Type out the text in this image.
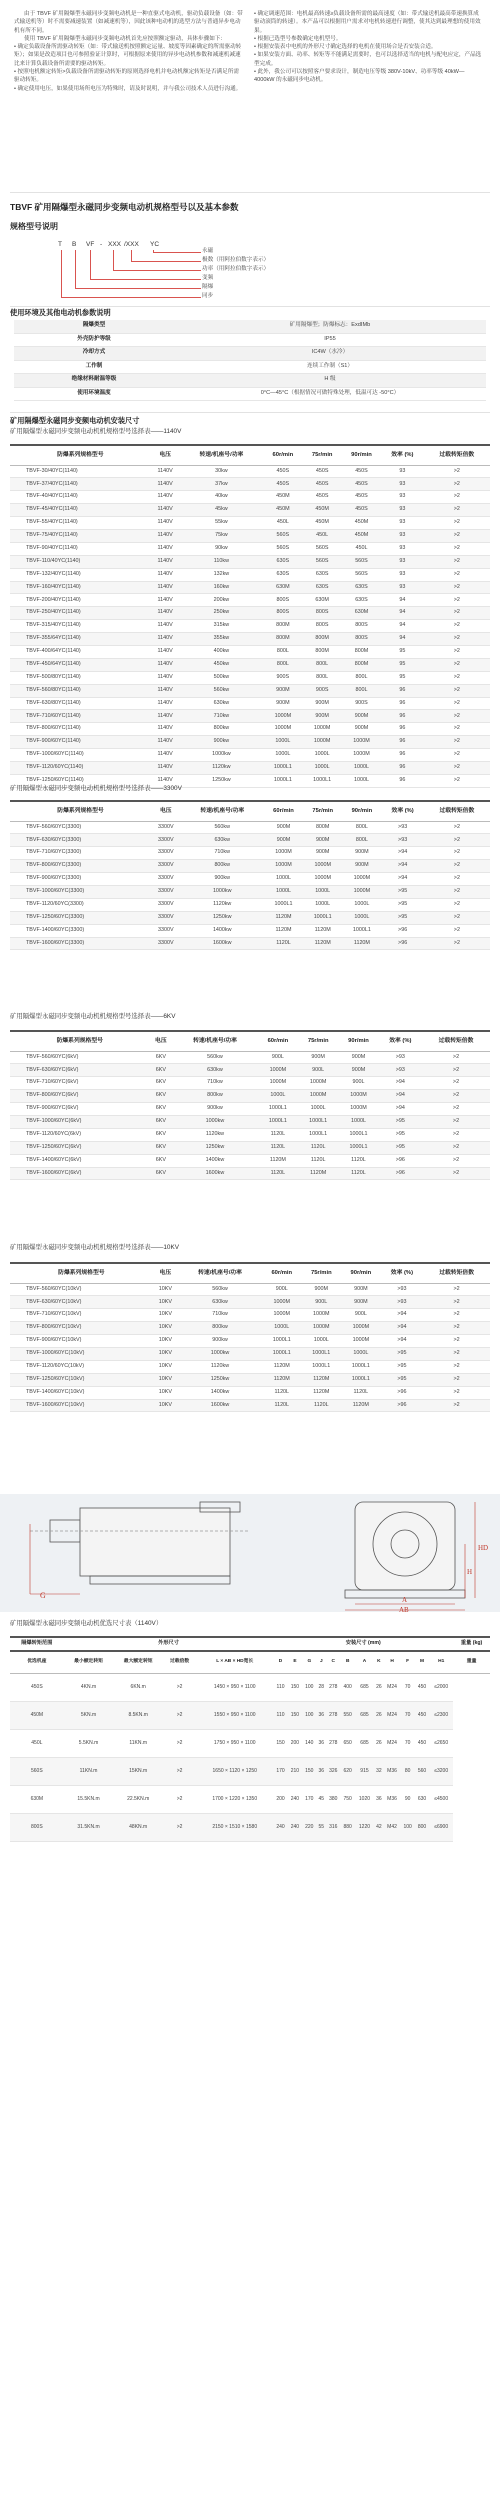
由于 TBVF 矿用隔爆型永磁同步变频电动机是一种直驱式电动机，驱动负载设备（如：带式输送机等）时不需要减速装置（如减速机等），因此该种电动机的选型方法与普通异步电动机有所不同。

使用 TBVF 矿用隔爆型永磁同步变频电动机首先应按照额定驱动，具体步骤如下：

• 确定负载设备所需驱动转矩（如：带式输送机按照额定运量、坡度等因素确定的所需驱动转矩）；如果是改造项目也可参照验证计算时，可根据原来使用的异步电动机参数和减速机减速比来计算负载设备所需要的驱动转矩。

• 按照电机额定转矩>负载设备所需驱动转矩的原则选择电机并电动机额定转矩是否满足所需驱动转矩。

• 确定使用电压，如果使用场所电压为特殊时，请及时说明，并与我公司技术人员进行沟通。

• 确定调速范围：电机最高转速≥负载设备所需的最高速度（如：带式输送机最高带速换算成驱动滚筒的转速）。本产品可以根据用户需求对电机转速进行调整，使其达到最理想的使用效果。

• 根据已选型号参数确定电机型号。

• 根据安装表中电机的外形尺寸确定选择的电机在使用场合是否安装合适。

• 如果安装方面、功率、转矩等不能满足需要时，也可以选择适当的电机与配电应定，产品选型完成。

• 此外，我公司可以按照客户要求设计，制造电压等级 380V-10kV、功率等级 40kW—4000kW 的永磁同步电动机。

TBVF 矿用隔爆型永磁同步变频电动机规格型号以及基本参数
规格型号说明
T B VF - XXX /XXX YC
永磁
极数（用阿拉伯数字表示）
功率（用阿拉伯数字表示）
变频
隔爆
同步
使用环境及其他电动机参数说明
隔爆类型	矿用隔爆型；防爆标志：ExdⅠMb
外壳防护等级	IP55
冷却方式	IC4W（水冷）
工作制	连续工作制（S1）
绝缘材料耐温等级	H 级
使用环境温度	0°C—45°C（根据情况可做特殊处理，低温可达 -50°C）
矿用隔爆型永磁同步变频电动机安装尺寸
矿用隔爆型永磁同步变频电动机机规格型号选择表——1140V
防爆系列规格型号	电压	转速/机座号/功率	60r/min	75r/min	90r/min	效率 (%)	过载转矩倍数
TBVF-30/40YC(1140)	1140V	30kw	450S	450S	450S	93	>2
TBVF-37/40YC(1140)	1140V	37kw	450S	450S	450S	93	>2
TBVF-40/40YC(1140)	1140V	40kw	450M	450S	450S	93	>2
TBVF-45/40YC(1140)	1140V	45kw	450M	450M	450S	93	>2
TBVF-55/40YC(1140)	1140V	55kw	450L	450M	450M	93	>2
TBVF-75/40YC(1140)	1140V	75kw	560S	450L	450M	93	>2
TBVF-90/40YC(1140)	1140V	90kw	560S	560S	450L	93	>2
TBVF-110/40YC(1140)	1140V	110kw	630S	560S	560S	93	>2
TBVF-132/40YC(1140)	1140V	132kw	630S	630S	560S	93	>2
TBVF-160/40YC(1140)	1140V	160kw	630M	630S	630S	93	>2
TBVF-200/40YC(1140)	1140V	200kw	800S	630M	630S	94	>2
TBVF-250/40YC(1140)	1140V	250kw	800S	800S	630M	94	>2
TBVF-315/40YC(1140)	1140V	315kw	800M	800S	800S	94	>2
TBVF-355/64YC(1140)	1140V	355kw	800M	800M	800S	94	>2
TBVF-400/64YC(1140)	1140V	400kw	800L	800M	800M	95	>2
TBVF-450/64YC(1140)	1140V	450kw	800L	800L	800M	95	>2
TBVF-500/80YC(1140)	1140V	500kw	900S	800L	800L	95	>2
TBVF-560/80YC(1140)	1140V	560kw	900M	900S	800L	96	>2
TBVF-630/80YC(1140)	1140V	630kw	900M	900M	900S	96	>2
TBVF-710/60YC(1140)	1140V	710kw	1000M	900M	900M	96	>2
TBVF-800/60YC(1140)	1140V	800kw	1000M	1000M	900M	96	>2
TBVF-900/60YC(1140)	1140V	900kw	1000L	1000M	1000M	96	>2
TBVF-1000/60YC(1140)	1140V	1000kw	1000L	1000L	1000M	96	>2
TBVF-1120/60YC(1140)	1140V	1120kw	1000L1	1000L	1000L	96	>2
TBVF-1250/60YC(1140)	1140V	1250kw	1000L1	1000L1	1000L	96	>2
矿用隔爆型永磁同步变频电动机机规格型号选择表——3300V
防爆系列规格型号	电压	转速/机座号/功率	60r/min	75r/min	90r/min	效率 (%)	过载转矩倍数
TBVF-560/60YC(3300)	3300V	560kw	900M	800M	800L	>93	>2
TBVF-630/60YC(3300)	3300V	630kw	900M	900M	800L	>93	>2
TBVF-710/60YC(3300)	3300V	710kw	1000M	900M	900M	>94	>2
TBVF-800/60YC(3300)	3300V	800kw	1000M	1000M	900M	>94	>2
TBVF-900/60YC(3300)	3300V	900kw	1000L	1000M	1000M	>94	>2
TBVF-1000/60YC(3300)	3300V	1000kw	1000L	1000L	1000M	>95	>2
TBVF-1120/60YC(3300)	3300V	1120kw	1000L1	1000L	1000L	>95	>2
TBVF-1250/60YC(3300)	3300V	1250kw	1120M	1000L1	1000L	>95	>2
TBVF-1400/60YC(3300)	3300V	1400kw	1120M	1120M	1000L1	>96	>2
TBVF-1600/60YC(3300)	3300V	1600kw	1120L	1120M	1120M	>96	>2
矿用隔爆型永磁同步变频电动机机规格型号选择表——6KV
防爆系列规格型号	电压	转速/机座号/功率	60r/min	75r/min	90r/min	效率 (%)	过载转矩倍数
TBVF-560/60YC(6kV)	6KV	560kw	900L	900M	900M	>93	>2
TBVF-630/60YC(6kV)	6KV	630kw	1000M	900L	900M	>93	>2
TBVF-710/60YC(6kV)	6KV	710kw	1000M	1000M	900L	>94	>2
TBVF-800/60YC(6kV)	6KV	800kw	1000L	1000M	1000M	>94	>2
TBVF-900/60YC(6kV)	6KV	900kw	1000L1	1000L	1000M	>94	>2
TBVF-1000/60YC(6kV)	6KV	1000kw	1000L1	1000L1	1000L	>95	>2
TBVF-1120/60YC(6kV)	6KV	1120kw	1120L	1000L1	1000L1	>95	>2
TBVF-1250/60YC(6kV)	6KV	1250kw	1120L	1120L	1000L1	>95	>2
TBVF-1400/60YC(6kV)	6KV	1400kw	1120M	1120L	1120L	>96	>2
TBVF-1600/60YC(6kV)	6KV	1600kw	1120L	1120M	1120L	>96	>2
矿用隔爆型永磁同步变频电动机机规格型号选择表——10KV
防爆系列规格型号	电压	转速/机座号/功率	60r/min	75r/min	90r/min	效率 (%)	过载转矩倍数
TBVF-560/60YC(10kV)	10KV	560kw	900L	900M	900M	>93	>2
TBVF-630/60YC(10kV)	10KV	630kw	1000M	900L	900M	>93	>2
TBVF-710/60YC(10kV)	10KV	710kw	1000M	1000M	900L	>94	>2
TBVF-800/60YC(10kV)	10KV	800kw	1000L	1000M	1000M	>94	>2
TBVF-900/60YC(10kV)	10KV	900kw	1000L1	1000L	1000M	>94	>2
TBVF-1000/60YC(10kV)	10KV	1000kw	1000L1	1000L1	1000L	>95	>2
TBVF-1120/60YC(10kV)	10KV	1120kw	1120M	1000L1	1000L1	>95	>2
TBVF-1250/60YC(10kV)	10KV	1250kw	1120M	1120M	1000L1	>95	>2
TBVF-1400/60YC(10kV)	10KV	1400kw	1120L	1120M	1120L	>96	>2
TBVF-1600/60YC(10kV)	10KV	1600kw	1120L	1120L	1120M	>96	>2
G
HD
H
A
AB
矿用隔爆型永磁同步变频电动机优选尺寸表（1140V）
隔爆转矩范围	外形尺寸				安装尺寸 (mm)												重量 (kg)
优选机座	最小额定转矩	最大额定转矩	过载倍数	L × AB × HD宽长	D	E	G	J	C	B	A	K	H	F	M	H1	重量
450S	4KN.m	6KN.m	>2	1450 × 950 × 1100	110	150	100	28	278	400	685	26	M24	70	450	≤2000	
450M	5KN.m	8.5KN.m	>2	1550 × 950 × 1100	110	150	100	36	278	550	685	26	M24	70	450	≤2300	
450L	5.5KN.m	11KN.m	>2	1750 × 950 × 1100	150	200	140	36	278	650	685	26	M24	70	450	≤2650	
560S	11KN.m	15KN.m	>2	1650 × 1120 × 1250	170	210	150	36	326	620	915	32	M36	80	560	≤3200	
630M	15.5KN.m	22.5KN.m	>2	1700 × 1220 × 1350	200	240	170	45	380	750	1020	36	M36	90	630	≤4500	
800S	31.5KN.m	48KN.m	>2	2150 × 1510 × 1580	240	240	220	55	316	880	1220	42	M42	100	800	≤6900	
